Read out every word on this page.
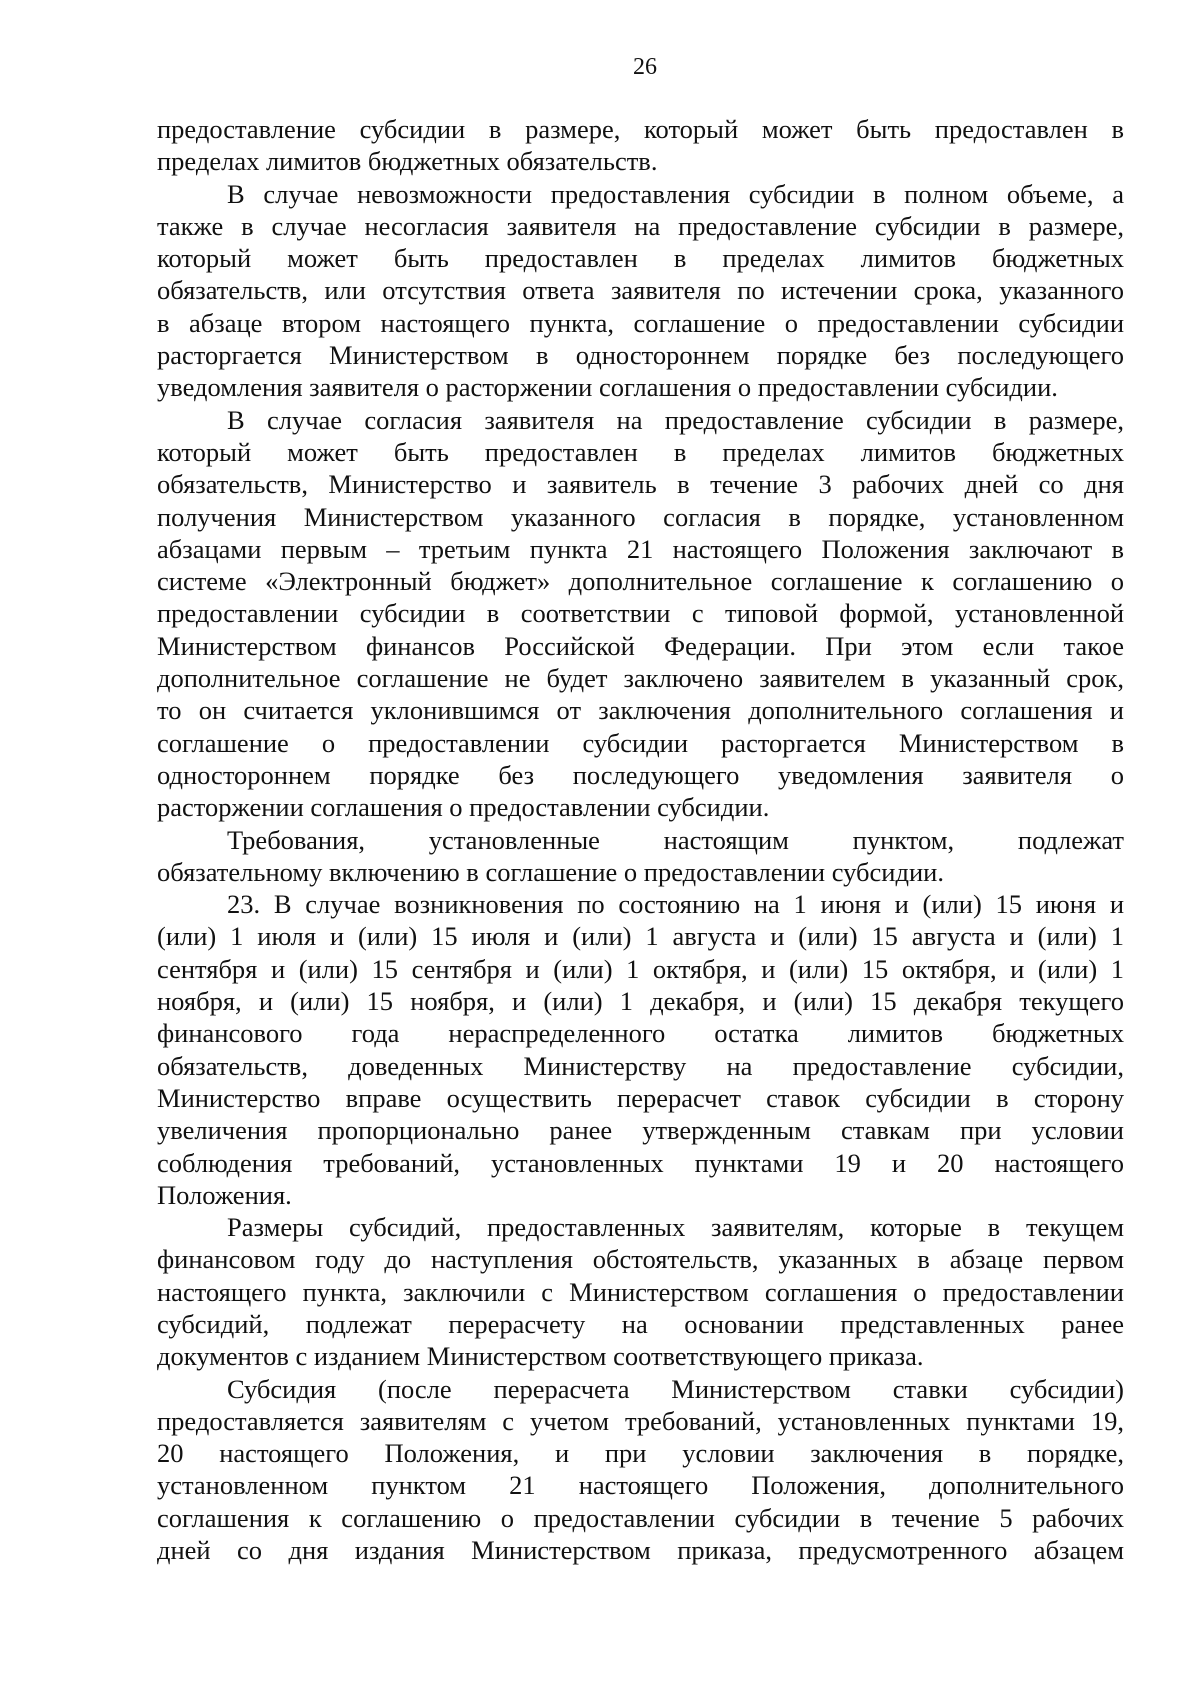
26
предоставление субсидии в размере, который может быть предоставлен в
пределах лимитов бюджетных обязательств.
В случае невозможности предоставления субсидии в полном объеме, а
также в случае несогласия заявителя на предоставление субсидии в размере,
который может быть предоставлен в пределах лимитов бюджетных
обязательств, или отсутствия ответа заявителя по истечении срока, указанного
в абзаце втором настоящего пункта, соглашение о предоставлении субсидии
расторгается Министерством в одностороннем порядке без последующего
уведомления заявителя о расторжении соглашения о предоставлении субсидии.
В случае согласия заявителя на предоставление субсидии в размере,
который может быть предоставлен в пределах лимитов бюджетных
обязательств, Министерство и заявитель в течение 3 рабочих дней со дня
получения Министерством указанного согласия в порядке, установленном
абзацами первым – третьим пункта 21 настоящего Положения заключают в
системе «Электронный бюджет» дополнительное соглашение к соглашению о
предоставлении субсидии в соответствии с типовой формой, установленной
Министерством финансов Российской Федерации. При этом если такое
дополнительное соглашение не будет заключено заявителем в указанный срок,
то он считается уклонившимся от заключения дополнительного соглашения и
соглашение о предоставлении субсидии расторгается Министерством в
одностороннем порядке без последующего уведомления заявителя о
расторжении соглашения о предоставлении субсидии.
Требования, установленные настоящим пунктом, подлежат
обязательному включению в соглашение о предоставлении субсидии.
23. В случае возникновения по состоянию на 1 июня и (или) 15 июня и
(или) 1 июля и (или) 15 июля и (или) 1 августа и (или) 15 августа и (или) 1
сентября и (или) 15 сентября и (или) 1 октября, и (или) 15 октября, и (или) 1
ноября, и (или) 15 ноября, и (или) 1 декабря, и (или) 15 декабря текущего
финансового года нераспределенного остатка лимитов бюджетных
обязательств, доведенных Министерству на предоставление субсидии,
Министерство вправе осуществить перерасчет ставок субсидии в сторону
увеличения пропорционально ранее утвержденным ставкам при условии
соблюдения требований, установленных пунктами 19 и 20 настоящего
Положения.
Размеры субсидий, предоставленных заявителям, которые в текущем
финансовом году до наступления обстоятельств, указанных в абзаце первом
настоящего пункта, заключили с Министерством соглашения о предоставлении
субсидий, подлежат перерасчету на основании представленных ранее
документов с изданием Министерством соответствующего приказа.
Субсидия (после перерасчета Министерством ставки субсидии)
предоставляется заявителям с учетом требований, установленных пунктами 19,
20 настоящего Положения, и при условии заключения в порядке,
установленном пунктом 21 настоящего Положения, дополнительного
соглашения к соглашению о предоставлении субсидии в течение 5 рабочих
дней со дня издания Министерством приказа, предусмотренного абзацем
